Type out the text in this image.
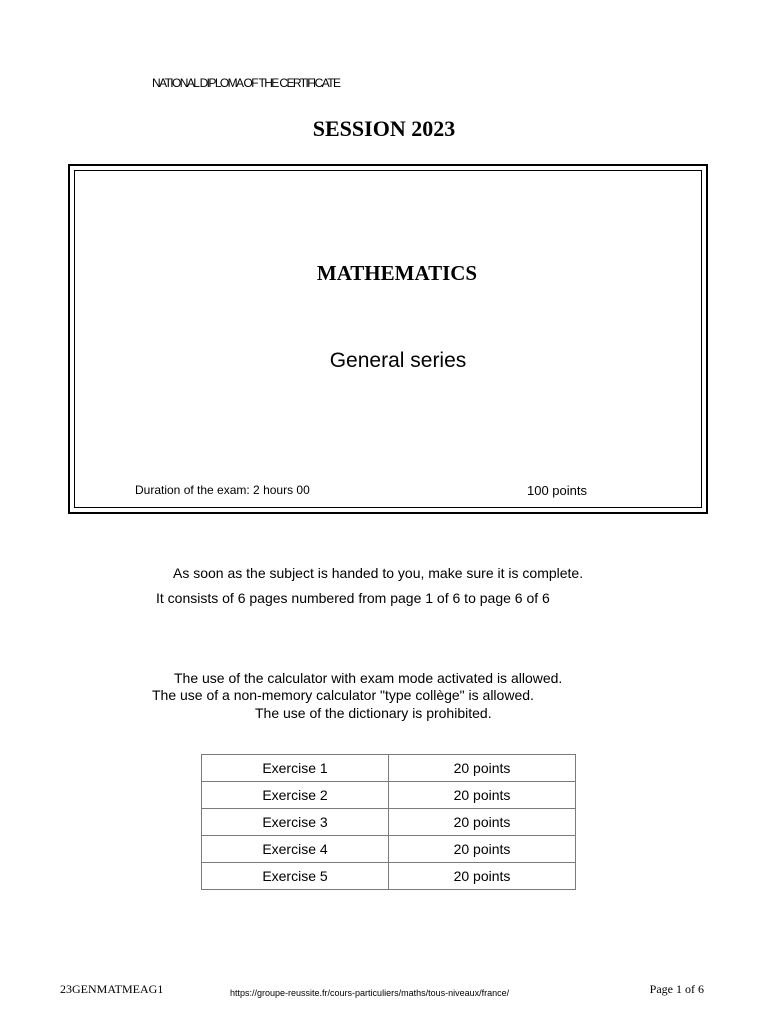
NATIONAL DIPLOMA OF THE CERTIFICATE

SESSION 2023
MATHEMATICS

General series

Duration of the exam: 2 hours 00	100 points

As soon as the subject is handed to you, make sure it is complete.

It consists of 6 pages numbered from page 1 of 6 to page 6 of 6

The use of the calculator with exam mode activated is allowed.

The use of a non-memory calculator "type collège" is allowed.

The use of the dictionary is prohibited.

Exercise 1	20 points
Exercise 2	20 points
Exercise 3	20 points
Exercise 4	20 points
Exercise 5	20 points
23GENMATMEAG1	https://groupe-reussite.fr/cours-particuliers/maths/tous-niveaux/france/	Page 1 of 6
